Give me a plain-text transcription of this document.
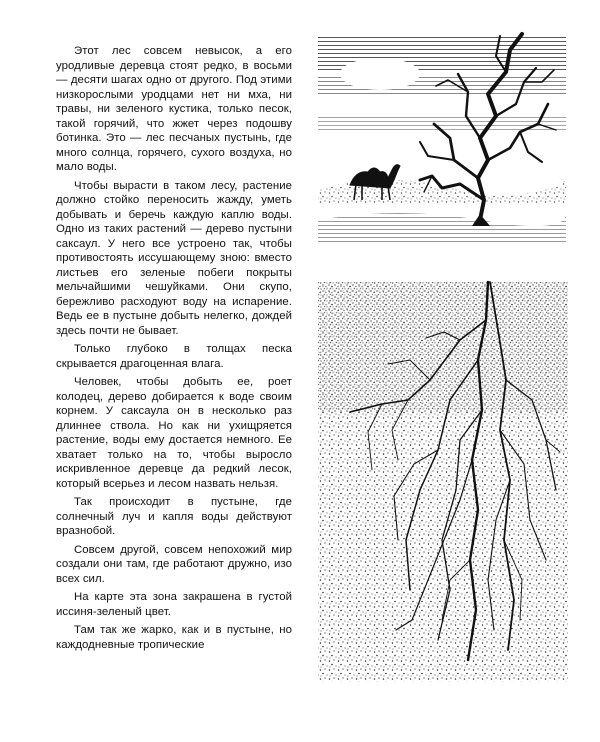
Этот лес совсем невысок, а его уродливые деревца стоят редко, в восьми — десяти шагах одно от другого. Под этими низкорослыми уродцами нет ни мха, ни травы, ни зеленого кустика, только песок, такой горячий, что жжет через подошву ботинка. Это — лес песчаных пустынь, где много солнца, горячего, сухого воздуха, но мало воды.

Чтобы вырасти в таком лесу, растение должно стойко переносить жажду, уметь добывать и беречь каждую каплю воды. Одно из таких растений — дерево пустыни саксаул. У него все устроено так, чтобы противостоять иссушающему зною: вместо листьев его зеленые побеги покрыты мельчайшими чешуйками. Они скупо, бережливо расходуют воду на испарение. Ведь ее в пустыне добыть нелегко, дождей здесь почти не бывает.

Только глубоко в толщах песка скрывается драгоценная влага.

Человек, чтобы добыть ее, роет колодец, дерево добирается к воде своим корнем. У саксаула он в несколько раз длиннее ствола. Но как ни ухищряется растение, воды ему достается немного. Ее хватает только на то, чтобы выросло искривленное деревце да редкий лесок, который всерьез и лесом назвать нельзя.

Так происходит в пустыне, где солнечный луч и капля воды действуют вразнобой.

Совсем другой, совсем непохожий мир создали они там, где работают дружно, изо всех сил.

На карте эта зона закрашена в густой иссиня-зеленый цвет.

Там так же жарко, как и в пустыне, но каждодневные тропические
